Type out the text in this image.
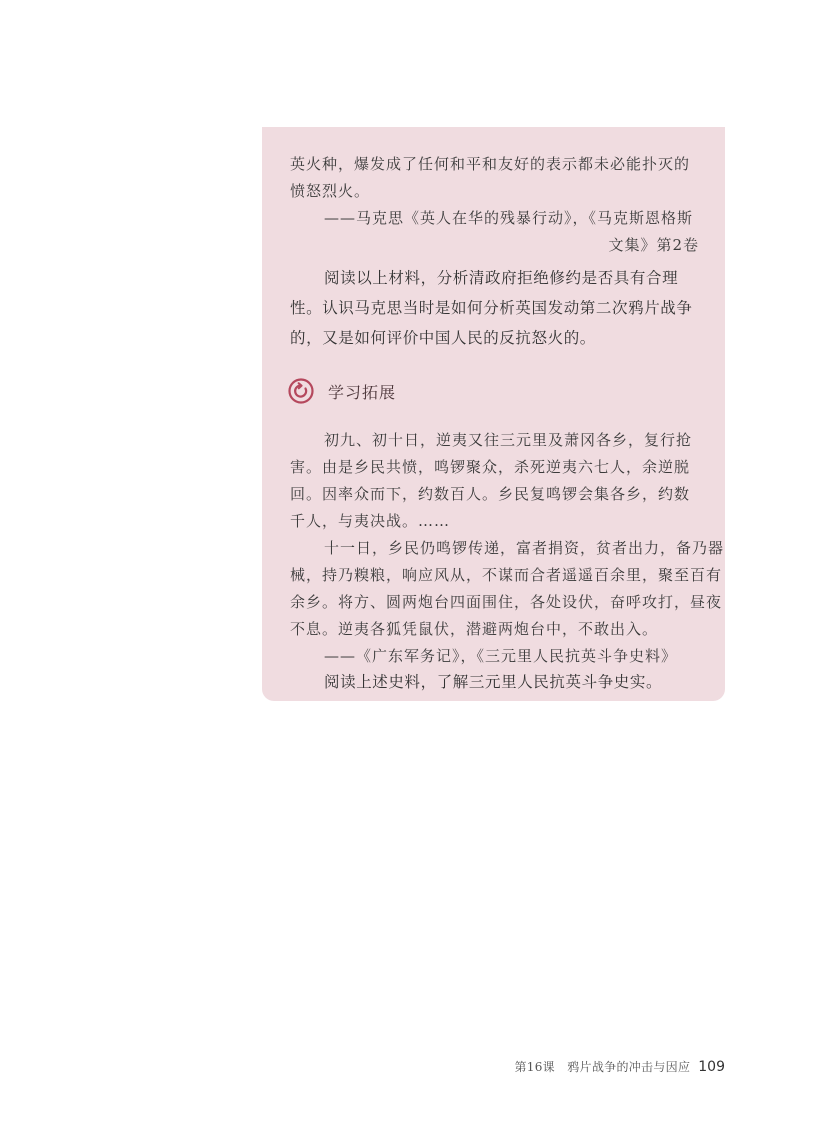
英火种，爆发成了任何和平和友好的表示都未必能扑灭的
愤怒烈火。
——马克思《英人在华的残暴行动》，《马克斯恩格斯
文集》第2卷
阅读以上材料，分析清政府拒绝修约是否具有合理
性。认识马克思当时是如何分析英国发动第二次鸦片战争
的，又是如何评价中国人民的反抗怒火的。
学习拓展
初九、初十日，逆夷又往三元里及萧冈各乡，复行抢
害。由是乡民共愤，鸣锣聚众，杀死逆夷六七人，余逆脱
回。因率众而下，约数百人。乡民复鸣锣会集各乡，约数
千人，与夷决战。……
十一日，乡民仍鸣锣传递，富者捐资，贫者出力，备乃器
械，持乃糗粮，响应风从，不谋而合者遥遥百余里，聚至百有
余乡。将方、圆两炮台四面围住，各处设伏，奋呼攻打，昼夜
不息。逆夷各狐凭鼠伏，潜避两炮台中，不敢出入。
——《广东军务记》，《三元里人民抗英斗争史料》
阅读上述史料，了解三元里人民抗英斗争史实。
第16课　鸦片战争的冲击与因应 109
